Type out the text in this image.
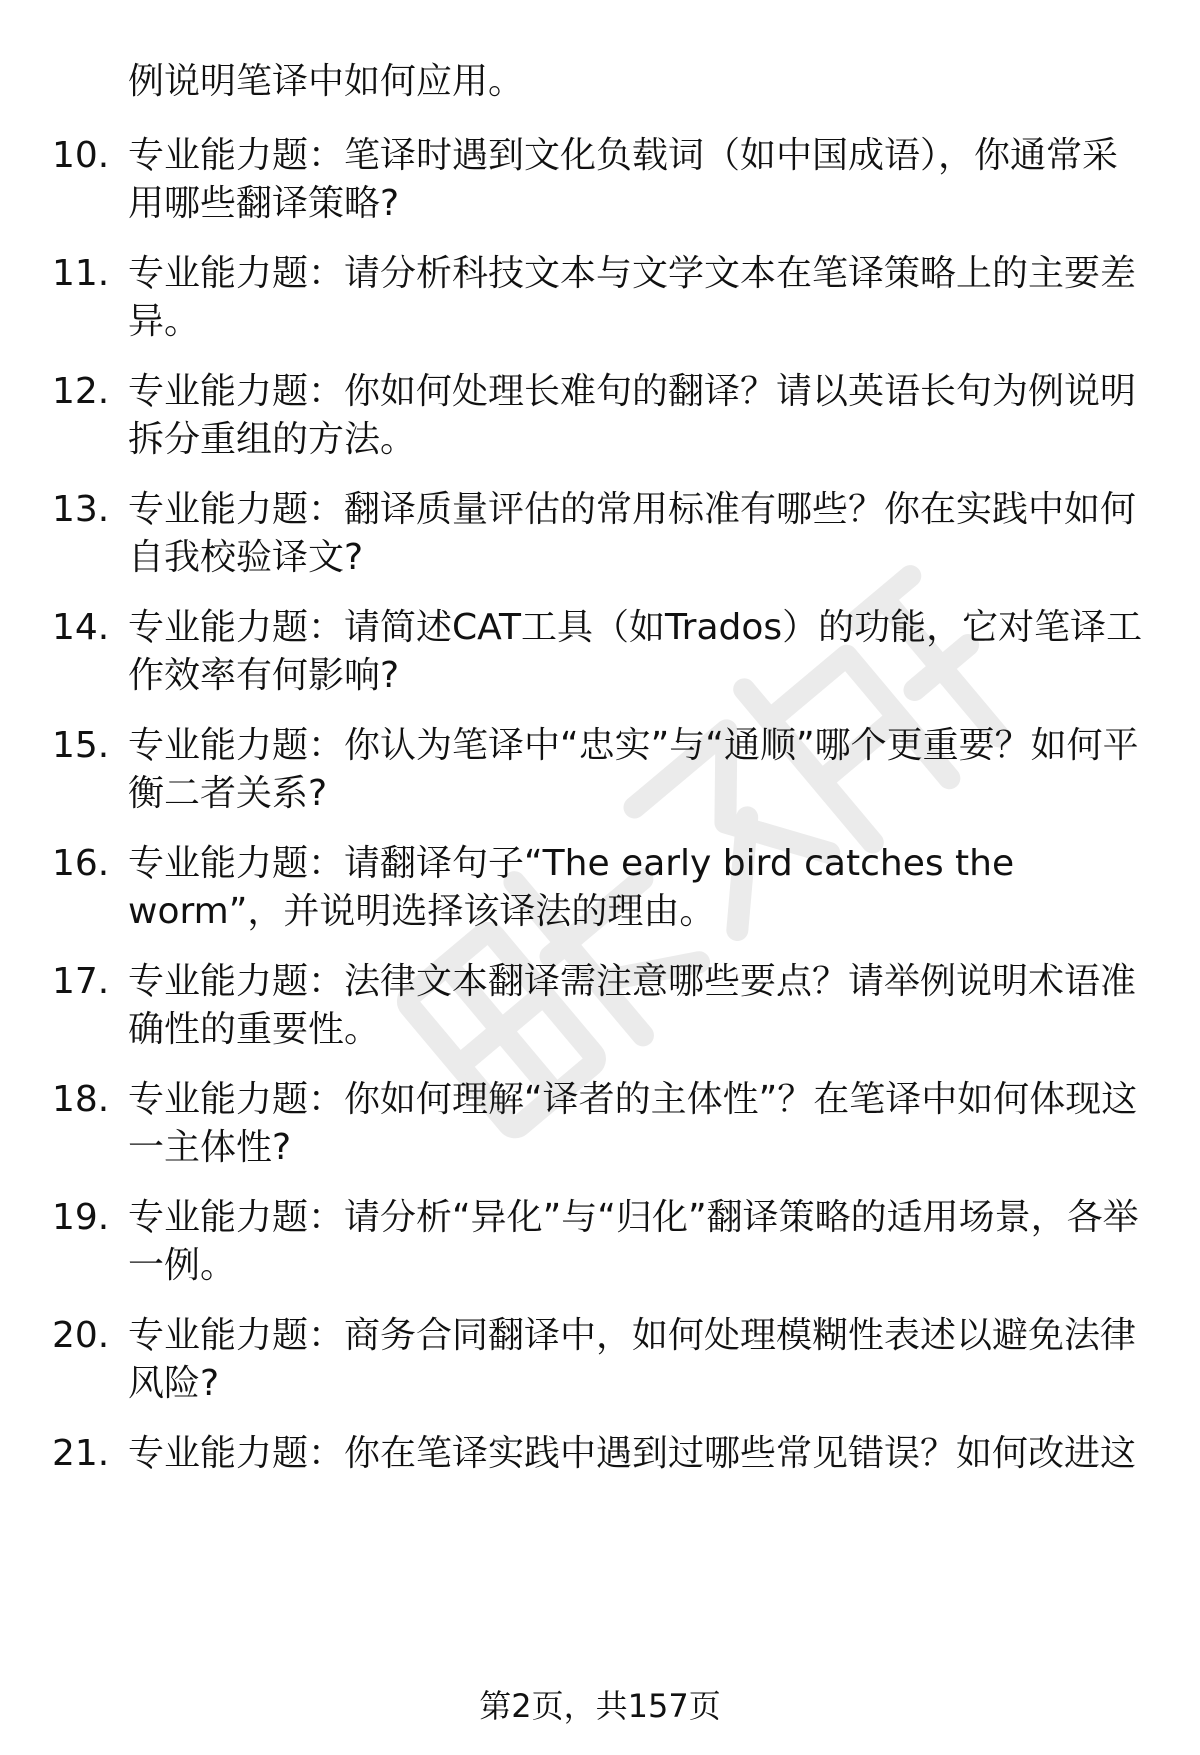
例说明笔译中如何应用。
10. 专业能力题：笔译时遇到文化负载词（如中国成语），你通常采用哪些翻译策略?
11. 专业能力题：请分析科技文本与文学文本在笔译策略上的主要差异。
12. 专业能力题：你如何处理长难句的翻译？请以英语长句为例说明拆分重组的方法。
13. 专业能力题：翻译质量评估的常用标准有哪些？你在实践中如何自我校验译文?
14. 专业能力题：请简述CAT工具（如Trados）的功能，它对笔译工作效率有何影响?
15. 专业能力题：你认为笔译中“忠实”与“通顺”哪个更重要？如何平衡二者关系?
16. 专业能力题：请翻译句子“The early bird catches the worm”，并说明选择该译法的理由。
17. 专业能力题：法律文本翻译需注意哪些要点？请举例说明术语准确性的重要性。
18. 专业能力题：你如何理解“译者的主体性”？在笔译中如何体现这一主体性?
19. 专业能力题：请分析“异化”与“归化”翻译策略的适用场景，各举一例。
20. 专业能力题：商务合同翻译中，如何处理模糊性表述以避免法律风险?
21. 专业能力题：你在笔译实践中遇到过哪些常见错误？如何改进这
第2页，共157页
